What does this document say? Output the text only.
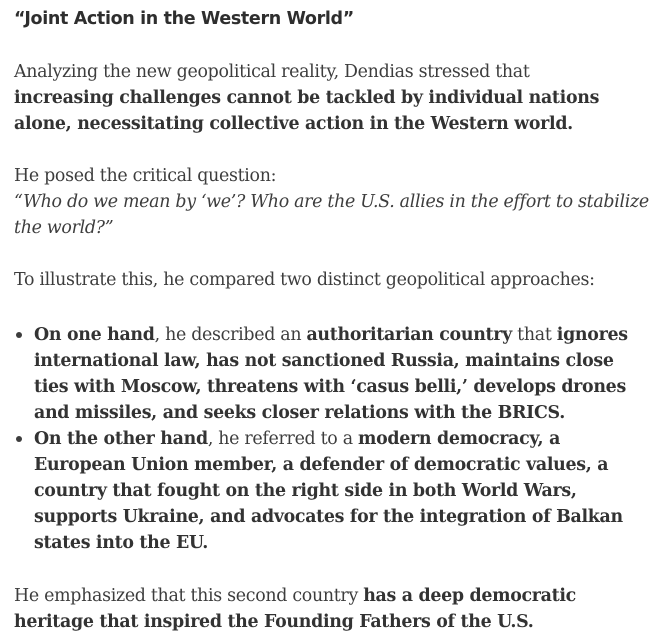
“Joint Action in the Western World”

Analyzing the new geopolitical reality, Dendias stressed that
increasing challenges cannot be tackled by individual nations alone, necessitating collective action in the Western world.

He posed the critical question:
“Who do we mean by ‘we’? Who are the U.S. allies in the effort to stabilize the world?”

To illustrate this, he compared two distinct geopolitical approaches:

On one hand, he described an authoritarian country that ignores international law, has not sanctioned Russia, maintains close ties with Moscow, threatens with ‘casus belli,’ develops drones and missiles, and seeks closer relations with the BRICS.
On the other hand, he referred to a modern democracy, a European Union member, a defender of democratic values, a country that fought on the right side in both World Wars, supports Ukraine, and advocates for the integration of Balkan states into the EU.

He emphasized that this second country has a deep democratic heritage that inspired the Founding Fathers of the U.S.
